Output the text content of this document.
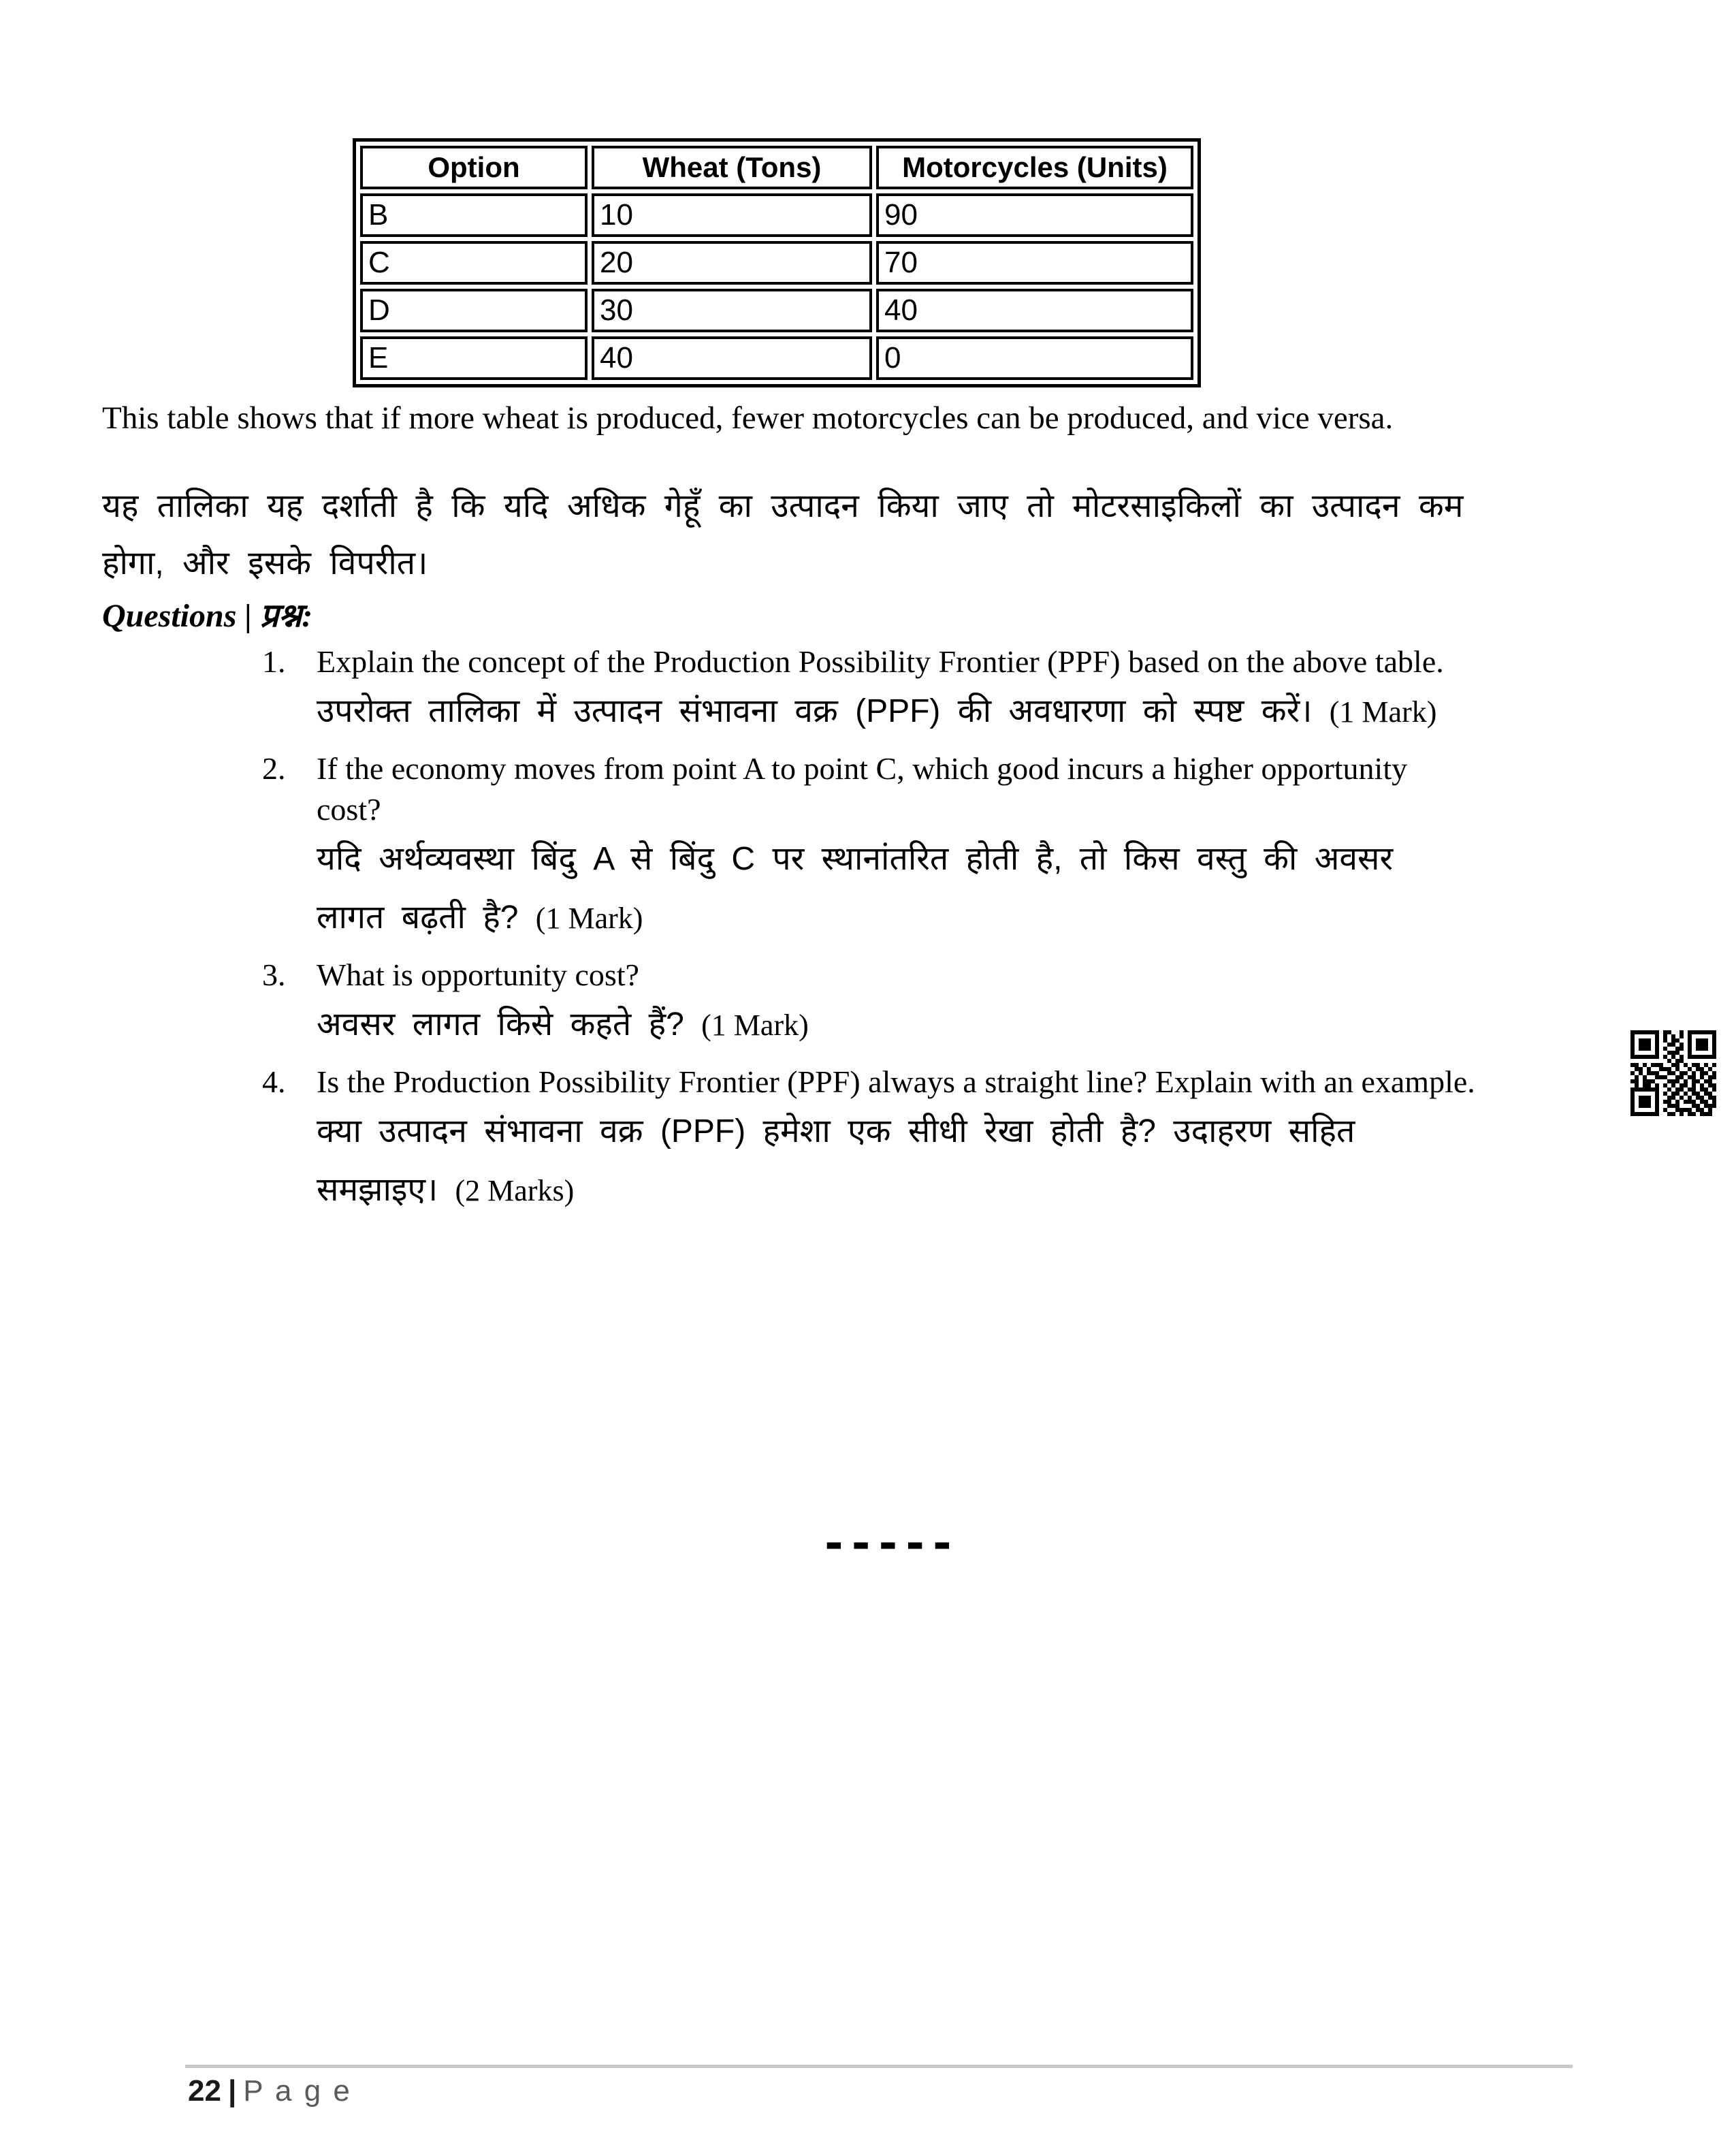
Option	Wheat (Tons)	Motorcycles (Units)
B	10	90
C	20	70
D	30	40
E	40	0
This table shows that if more wheat is produced, fewer motorcycles can be produced, and vice versa.
यह तालिका यह दर्शाती है कि यदि अधिक गेहूँ का उत्पादन किया जाए तो मोटरसाइकिलों का उत्पादन कम होगा, और इसके विपरीत।
Questions | प्रश्न:
1. Explain the concept of the Production Possibility Frontier (PPF) based on the above table.
उपरोक्त तालिका में उत्पादन संभावना वक्र (PPF) की अवधारणा को स्पष्ट करें। (1 Mark)
2. If the economy moves from point A to point C, which good incurs a higher opportunity cost?
यदि अर्थव्यवस्था बिंदु A से बिंदु C पर स्थानांतरित होती है, तो किस वस्तु की अवसर लागत बढ़ती है? (1 Mark)
3. What is opportunity cost?
अवसर लागत किसे कहते हैं? (1 Mark)
4. Is the Production Possibility Frontier (PPF) always a straight line? Explain with an example.
क्या उत्पादन संभावना वक्र (PPF) हमेशा एक सीधी रेखा होती है? उदाहरण सहित समझाइए। (2 Marks)
-----
22 | P a g e
